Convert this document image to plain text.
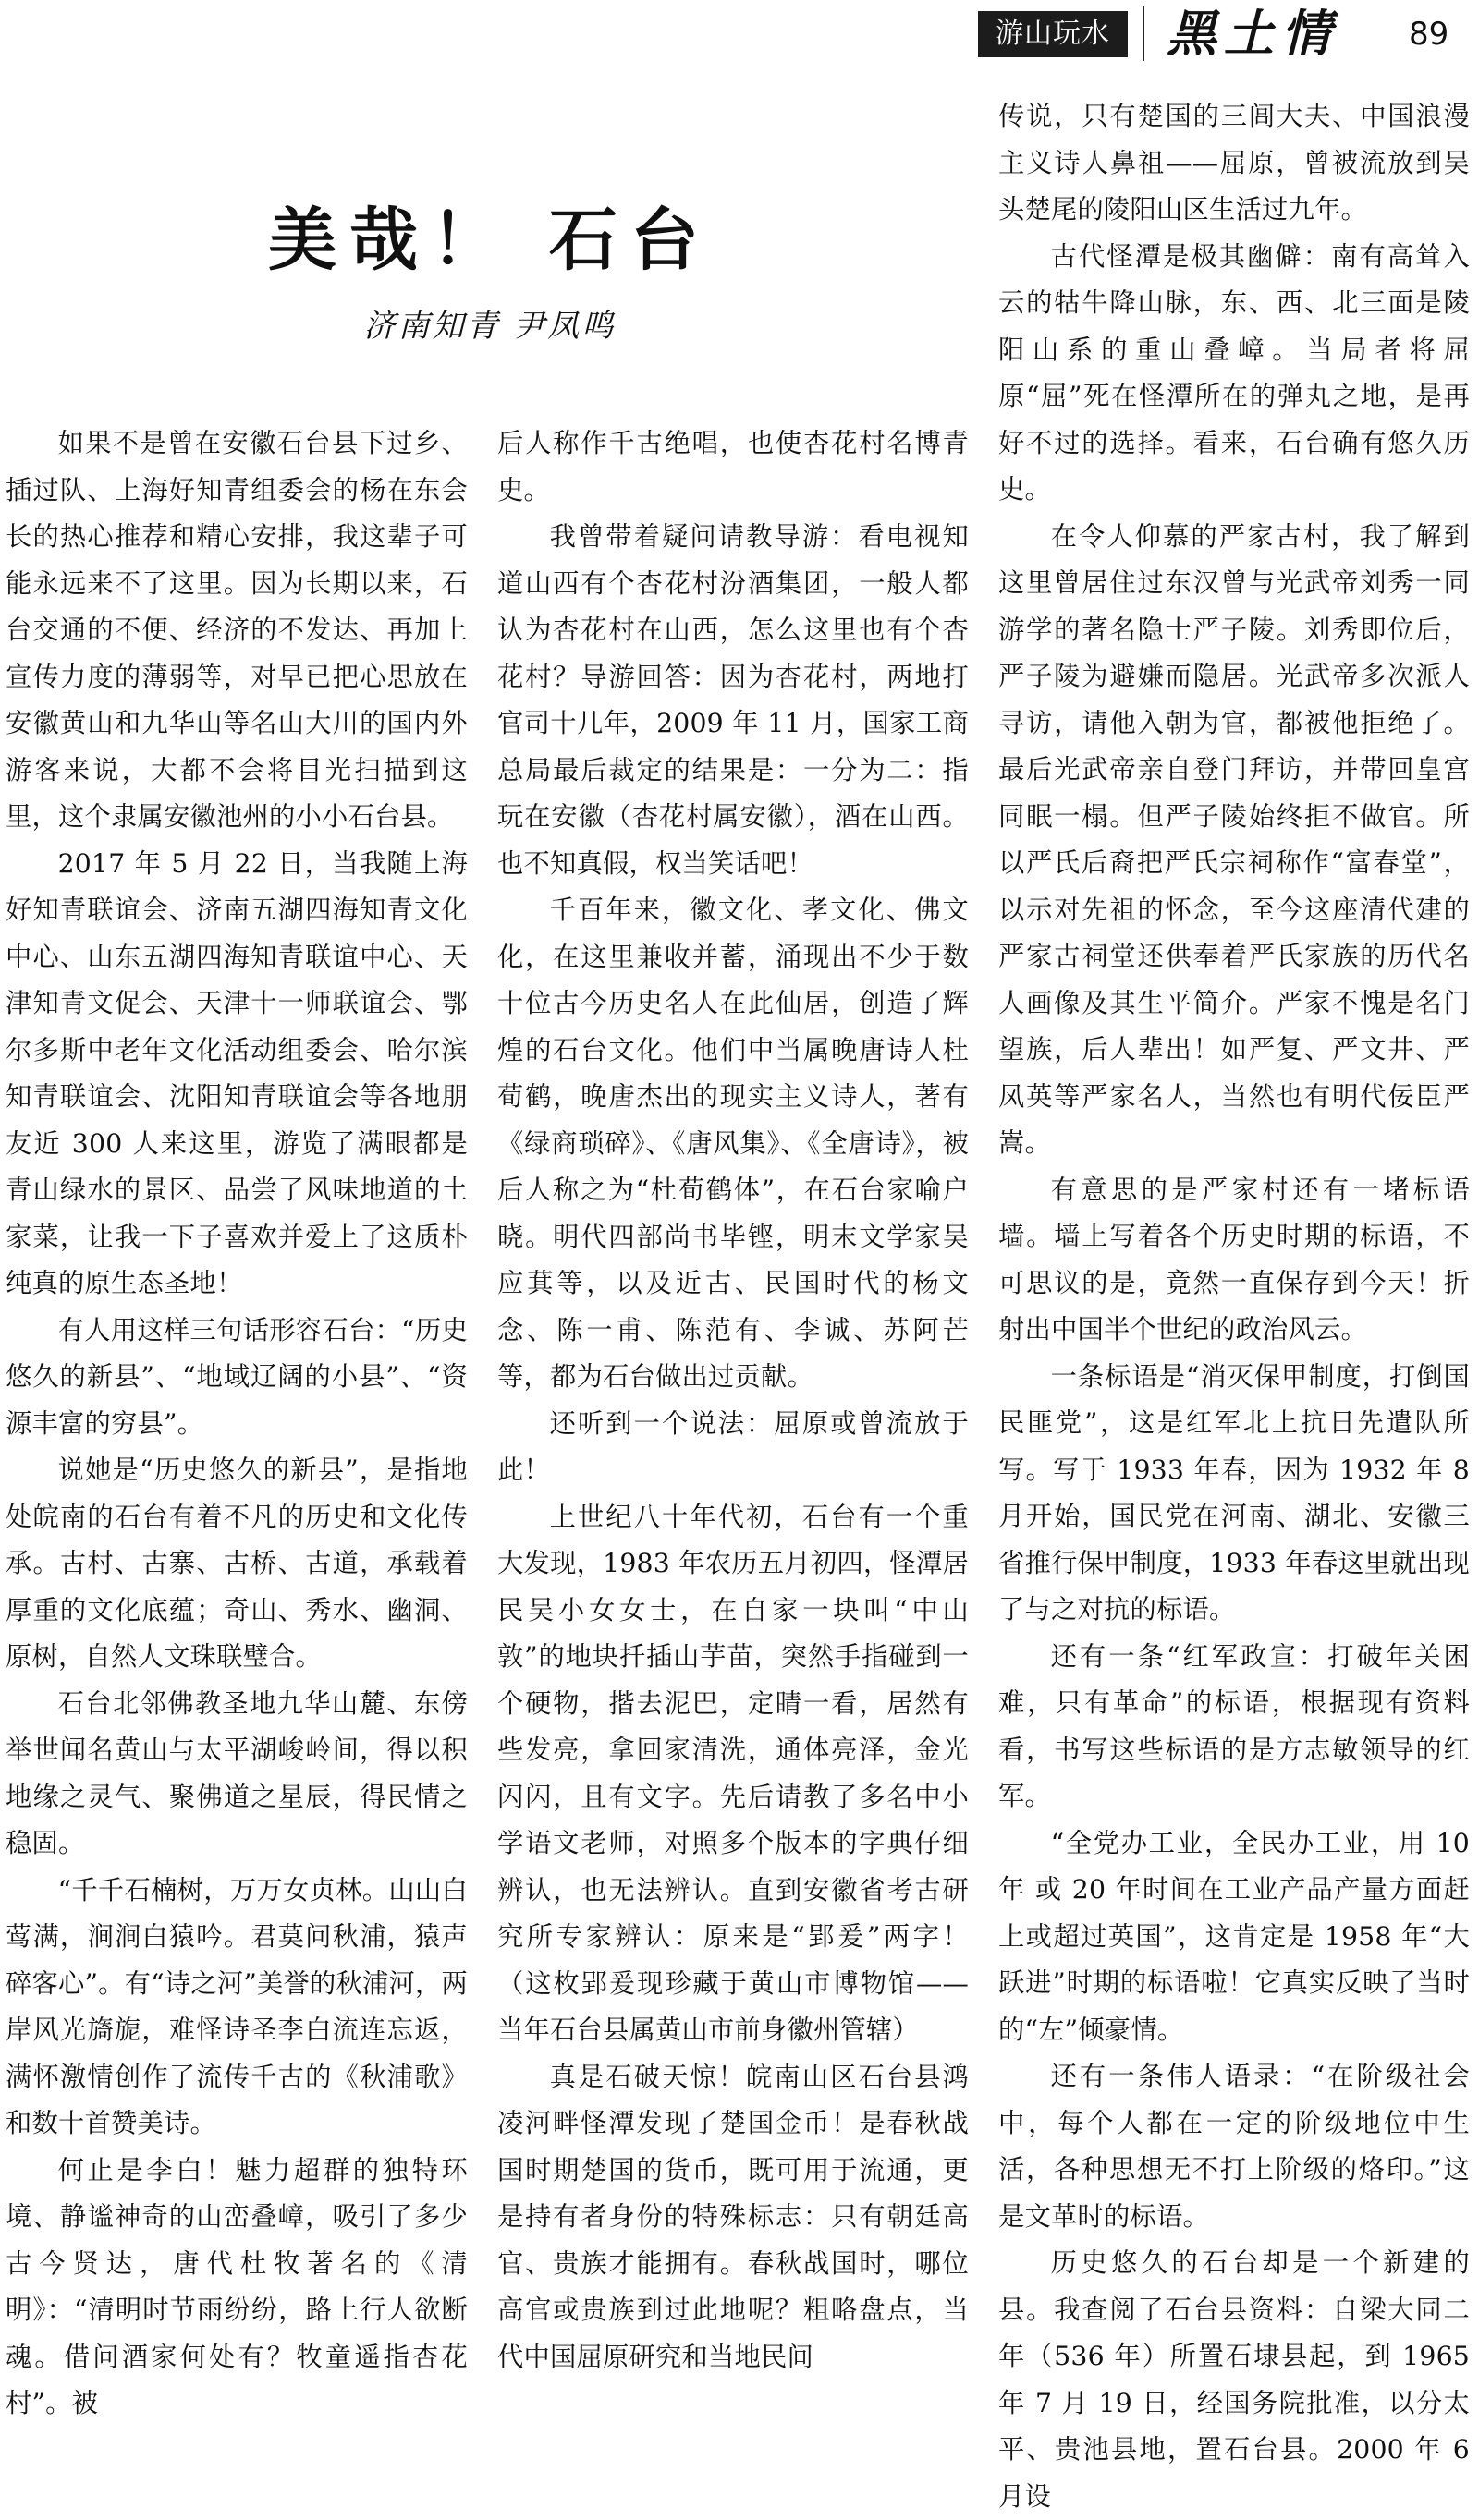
游山玩水	黑土情	89
美哉！ 石台
济南知青 尹凤鸣

如果不是曾在安徽石台县下过乡、插过队、上海好知青组委会的杨在东会长的热心推荐和精心安排，我这辈子可能永远来不了这里。因为长期以来，石台交通的不便、经济的不发达、再加上宣传力度的薄弱等，对早已把心思放在安徽黄山和九华山等名山大川的国内外游客来说，大都不会将目光扫描到这里，这个隶属安徽池州的小小石台县。

2017 年 5 月 22 日，当我随上海好知青联谊会、济南五湖四海知青文化中心、山东五湖四海知青联谊中心、天津知青文促会、天津十一师联谊会、鄂尔多斯中老年文化活动组委会、哈尔滨知青联谊会、沈阳知青联谊会等各地朋友近 300 人来这里，游览了满眼都是青山绿水的景区、品尝了风味地道的土家菜，让我一下子喜欢并爱上了这质朴纯真的原生态圣地！

有人用这样三句话形容石台：“历史悠久的新县”、“地域辽阔的小县”、“资源丰富的穷县”。

说她是“历史悠久的新县”，是指地处皖南的石台有着不凡的历史和文化传承。古村、古寨、古桥、古道，承载着厚重的文化底蕴；奇山、秀水、幽洞、原树，自然人文珠联璧合。

石台北邻佛教圣地九华山麓、东傍举世闻名黄山与太平湖峻岭间，得以积地缘之灵气、聚佛道之星辰，得民情之稳固。

“千千石楠树，万万女贞林。山山白莺满，涧涧白猿吟。君莫问秋浦，猿声碎客心”。有“诗之河”美誉的秋浦河，两岸风光旖旎，难怪诗圣李白流连忘返，满怀激情创作了流传千古的《秋浦歌》和数十首赞美诗。

何止是李白！魅力超群的独特环境、静谧神奇的山峦叠嶂，吸引了多少古今贤达，唐代杜牧著名的《清明》：“清明时节雨纷纷，路上行人欲断魂。借问酒家何处有？牧童遥指杏花村”。被

后人称作千古绝唱，也使杏花村名博青史。

我曾带着疑问请教导游：看电视知道山西有个杏花村汾酒集团，一般人都认为杏花村在山西，怎么这里也有个杏花村？导游回答：因为杏花村，两地打官司十几年，2009 年 11 月，国家工商总局最后裁定的结果是：一分为二：指玩在安徽（杏花村属安徽），酒在山西。也不知真假，权当笑话吧！

千百年来，徽文化、孝文化、佛文化，在这里兼收并蓄，涌现出不少于数十位古今历史名人在此仙居，创造了辉煌的石台文化。他们中当属晚唐诗人杜荀鹤，晚唐杰出的现实主义诗人，著有《绿商琐碎》、《唐风集》、《全唐诗》，被后人称之为“杜荀鹤体”，在石台家喻户晓。明代四部尚书毕铿，明末文学家吴应萁等，以及近古、民国时代的杨文念、陈一甫、陈范有、李诚、苏阿芒等，都为石台做出过贡献。

还听到一个说法：屈原或曾流放于此！

上世纪八十年代初，石台有一个重大发现，1983 年农历五月初四，怪潭居民吴小女女士，在自家一块叫“中山敦”的地块扦插山芋苗，突然手指碰到一个硬物，揩去泥巴，定睛一看，居然有些发亮，拿回家清洗，通体亮泽，金光闪闪，且有文字。先后请教了多名中小学语文老师，对照多个版本的字典仔细辨认，也无法辨认。直到安徽省考古研究所专家辨认：原来是“郢爰”两字！（这枚郢爰现珍藏于黄山市博物馆——当年石台县属黄山市前身徽州管辖）

真是石破天惊！皖南山区石台县鸿凌河畔怪潭发现了楚国金币！是春秋战国时期楚国的货币，既可用于流通，更是持有者身份的特殊标志：只有朝廷高官、贵族才能拥有。春秋战国时，哪位高官或贵族到过此地呢？粗略盘点，当代中国屈原研究和当地民间

传说，只有楚国的三闾大夫、中国浪漫主义诗人鼻祖——屈原，曾被流放到吴头楚尾的陵阳山区生活过九年。

古代怪潭是极其幽僻：南有高耸入云的牯牛降山脉，东、西、北三面是陵阳山系的重山叠嶂。当局者将屈原“屈”死在怪潭所在的弹丸之地，是再好不过的选择。看来，石台确有悠久历史。

在令人仰慕的严家古村，我了解到这里曾居住过东汉曾与光武帝刘秀一同游学的著名隐士严子陵。刘秀即位后，严子陵为避嫌而隐居。光武帝多次派人寻访，请他入朝为官，都被他拒绝了。最后光武帝亲自登门拜访，并带回皇宫同眠一榻。但严子陵始终拒不做官。所以严氏后裔把严氏宗祠称作“富春堂”，以示对先祖的怀念，至今这座清代建的严家古祠堂还供奉着严氏家族的历代名人画像及其生平简介。严家不愧是名门望族，后人辈出！如严复、严文井、严凤英等严家名人，当然也有明代佞臣严嵩。

有意思的是严家村还有一堵标语墙。墙上写着各个历史时期的标语，不可思议的是，竟然一直保存到今天！折射出中国半个世纪的政治风云。

一条标语是“消灭保甲制度，打倒国民匪党”，这是红军北上抗日先遣队所写。写于 1933 年春，因为 1932 年 8 月开始，国民党在河南、湖北、安徽三省推行保甲制度，1933 年春这里就出现了与之对抗的标语。

还有一条“红军政宣：打破年关困难，只有革命”的标语，根据现有资料看，书写这些标语的是方志敏领导的红军。

“全党办工业，全民办工业，用 10 年 或 20 年时间在工业产品产量方面赶上或超过英国”，这肯定是 1958 年“大跃进”时期的标语啦！它真实反映了当时的“左”倾豪情。

还有一条伟人语录：“在阶级社会中，每个人都在一定的阶级地位中生活，各种思想无不打上阶级的烙印。”这是文革时的标语。

历史悠久的石台却是一个新建的县。我查阅了石台县资料：自梁大同二年（536 年）所置石埭县起，到 1965 年 7 月 19 日，经国务院批准，以分太平、贵池县地，置石台县。2000 年 6 月设
